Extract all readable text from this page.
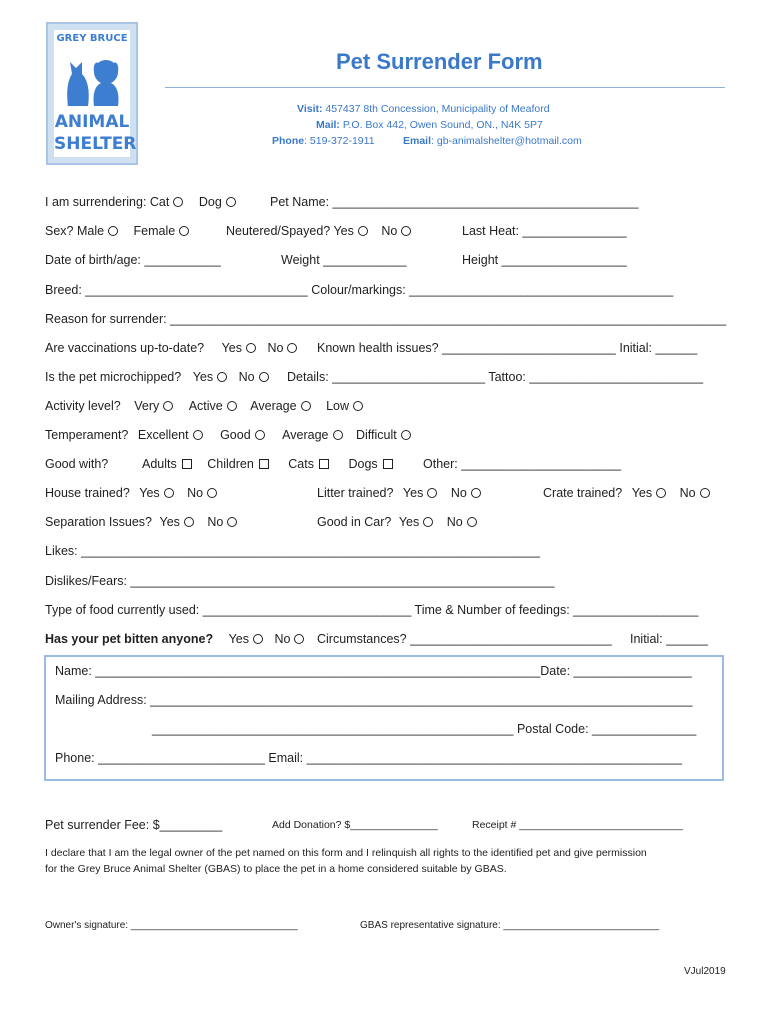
GREY BRUCE
ANIMAL
SHELTER
Pet Surrender Form
Visit: 457437 8th Concession, Municipality of Meaford
Mail: P.O. Box 442, Owen Sound, ON., N4K 5P7
Phone: 519-372-1911	Email: gb-animalshelter@hotmail.com
I am surrendering: Cat Dog	Pet Name: ____________________________________________
Sex? Male Female	Neutered/Spayed? Yes No	Last Heat: _______________
Date of birth/age: ___________	Weight ____________	Height __________________
Breed: ________________________________ Colour/markings: ______________________________________
Reason for surrender: ________________________________________________________________________________
Are vaccinations up-to-date? Yes No	Known health issues? _________________________ Initial: ______
Is the pet microchipped? Yes No	Details: ______________________ Tattoo: _________________________
Activity level? Very Active Average Low
Temperament? Excellent	Good	Average Difficult
Good with?	Adults Children	Cats	Dogs	Other: _______________________
House trained? Yes No	Litter trained? Yes No	Crate trained? Yes No
Separation Issues? Yes No	Good in Car? Yes No
Likes: __________________________________________________________________
Dislikes/Fears: _____________________________________________________________
Type of food currently used: ______________________________ Time & Number of feedings: __________________
Has your pet bitten anyone? Yes No	Circumstances? _____________________________ Initial: ______
Name: ________________________________________________________________Date: _________________
Mailing Address: ______________________________________________________________________________
____________________________________________________ Postal Code: _______________
Phone: ________________________ Email: ______________________________________________________
Pet surrender Fee: $_________	Add Donation? $_______________	Receipt # ____________________________
I declare that I am the legal owner of the pet named on this form and I relinquish all rights to the identified pet and give permission
for the Grey Bruce Animal Shelter (GBAS) to place the pet in a home considered suitable by GBAS.
Owner's signature: ______________________________	GBAS representative signature: ____________________________
VJul2019
